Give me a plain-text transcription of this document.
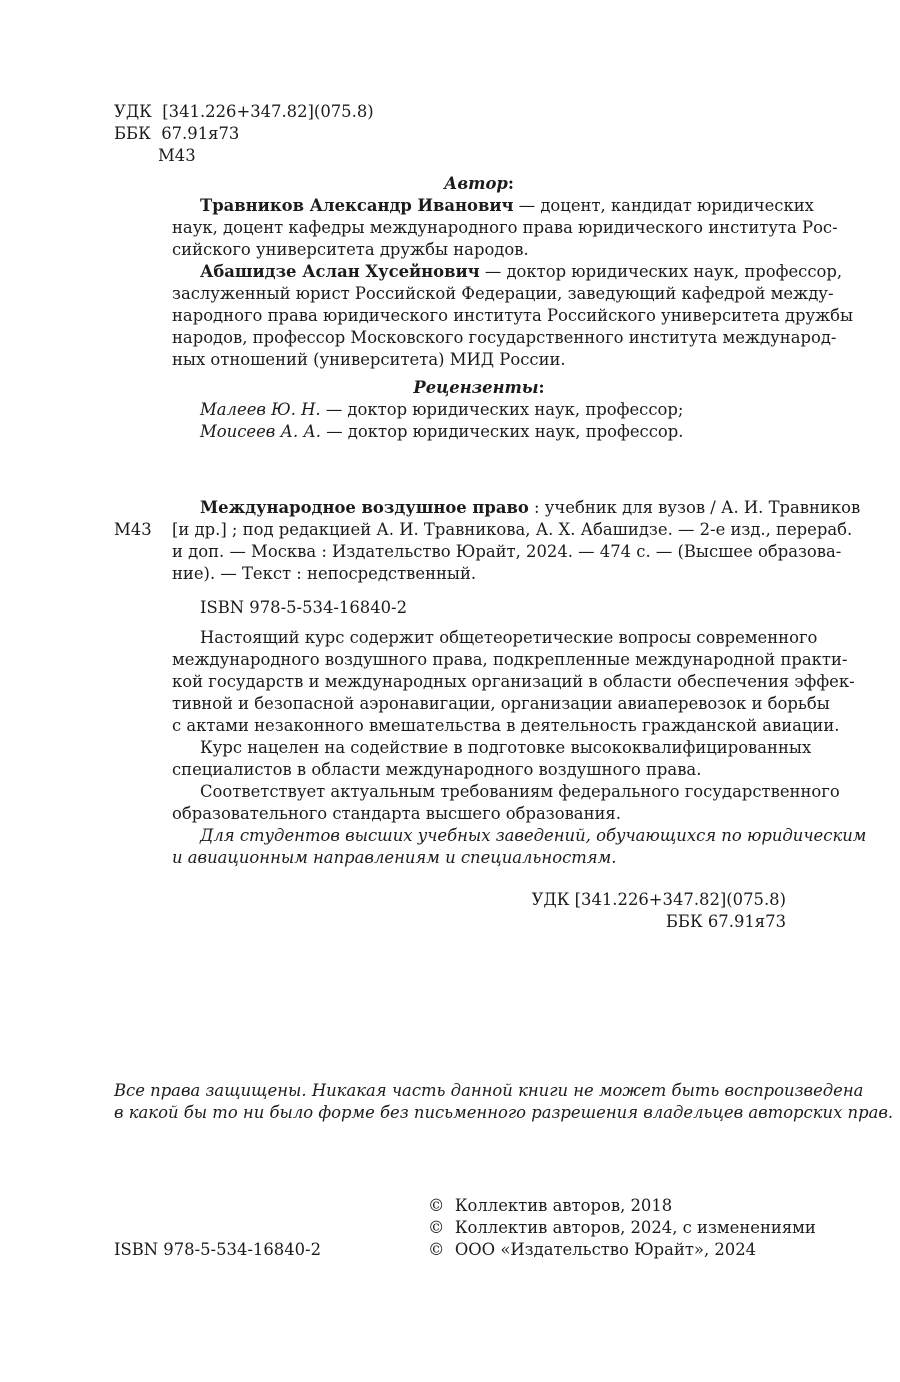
УДК [341.226+347.82](075.8)
ББК 67.91я73
М43
Автор:
Травников Александр Иванович — доцент, кандидат юридических
наук, доцент кафедры международного права юридического института Рос-
сийского университета дружбы народов.
Абашидзе Аслан Хусейнович — доктор юридических наук, профессор,
заслуженный юрист Российской Федерации, заведующий кафедрой между-
народного права юридического института Российского университета дружбы
народов, профессор Московского государственного института международ-
ных отношений (университета) МИД России.
Рецензенты:
Малеев Ю. Н. — доктор юридических наук, профессор;
Моисеев А. А. — доктор юридических наук, профессор.
М43
Международное воздушное право : учебник для вузов / А. И. Травников
[и др.] ; под редакцией А. И. Травникова, А. Х. Абашидзе. — 2-е изд., перераб.
и доп. — Москва : Издательство Юрайт, 2024. — 474 с. — (Высшее образова-
ние). — Текст : непосредственный.
ISBN 978-5-534-16840-2
Настоящий курс содержит общетеоретические вопросы современного
международного воздушного права, подкрепленные международной практи-
кой государств и международных организаций в области обеспечения эффек-
тивной и безопасной аэронавигации, организации авиаперевозок и борьбы
с актами незаконного вмешательства в деятельность гражданской авиации.
Курс нацелен на содействие в подготовке высококвалифицированных
специалистов в области международного воздушного права.
Соответствует актуальным требованиям федерального государственного
образовательного стандарта высшего образования.
Для студентов высших учебных заведений, обучающихся по юридическим
и авиационным направлениям и специальностям.
УДК [341.226+347.82](075.8)
ББК 67.91я73
Все права защищены. Никакая часть данной книги не может быть воспроизведена
в какой бы то ни было форме без письменного разрешения владельцев авторских прав.
© Коллектив авторов, 2018
© Коллектив авторов, 2024, с изменениями
© ООО «Издательство Юрайт», 2024
ISBN 978-5-534-16840-2
